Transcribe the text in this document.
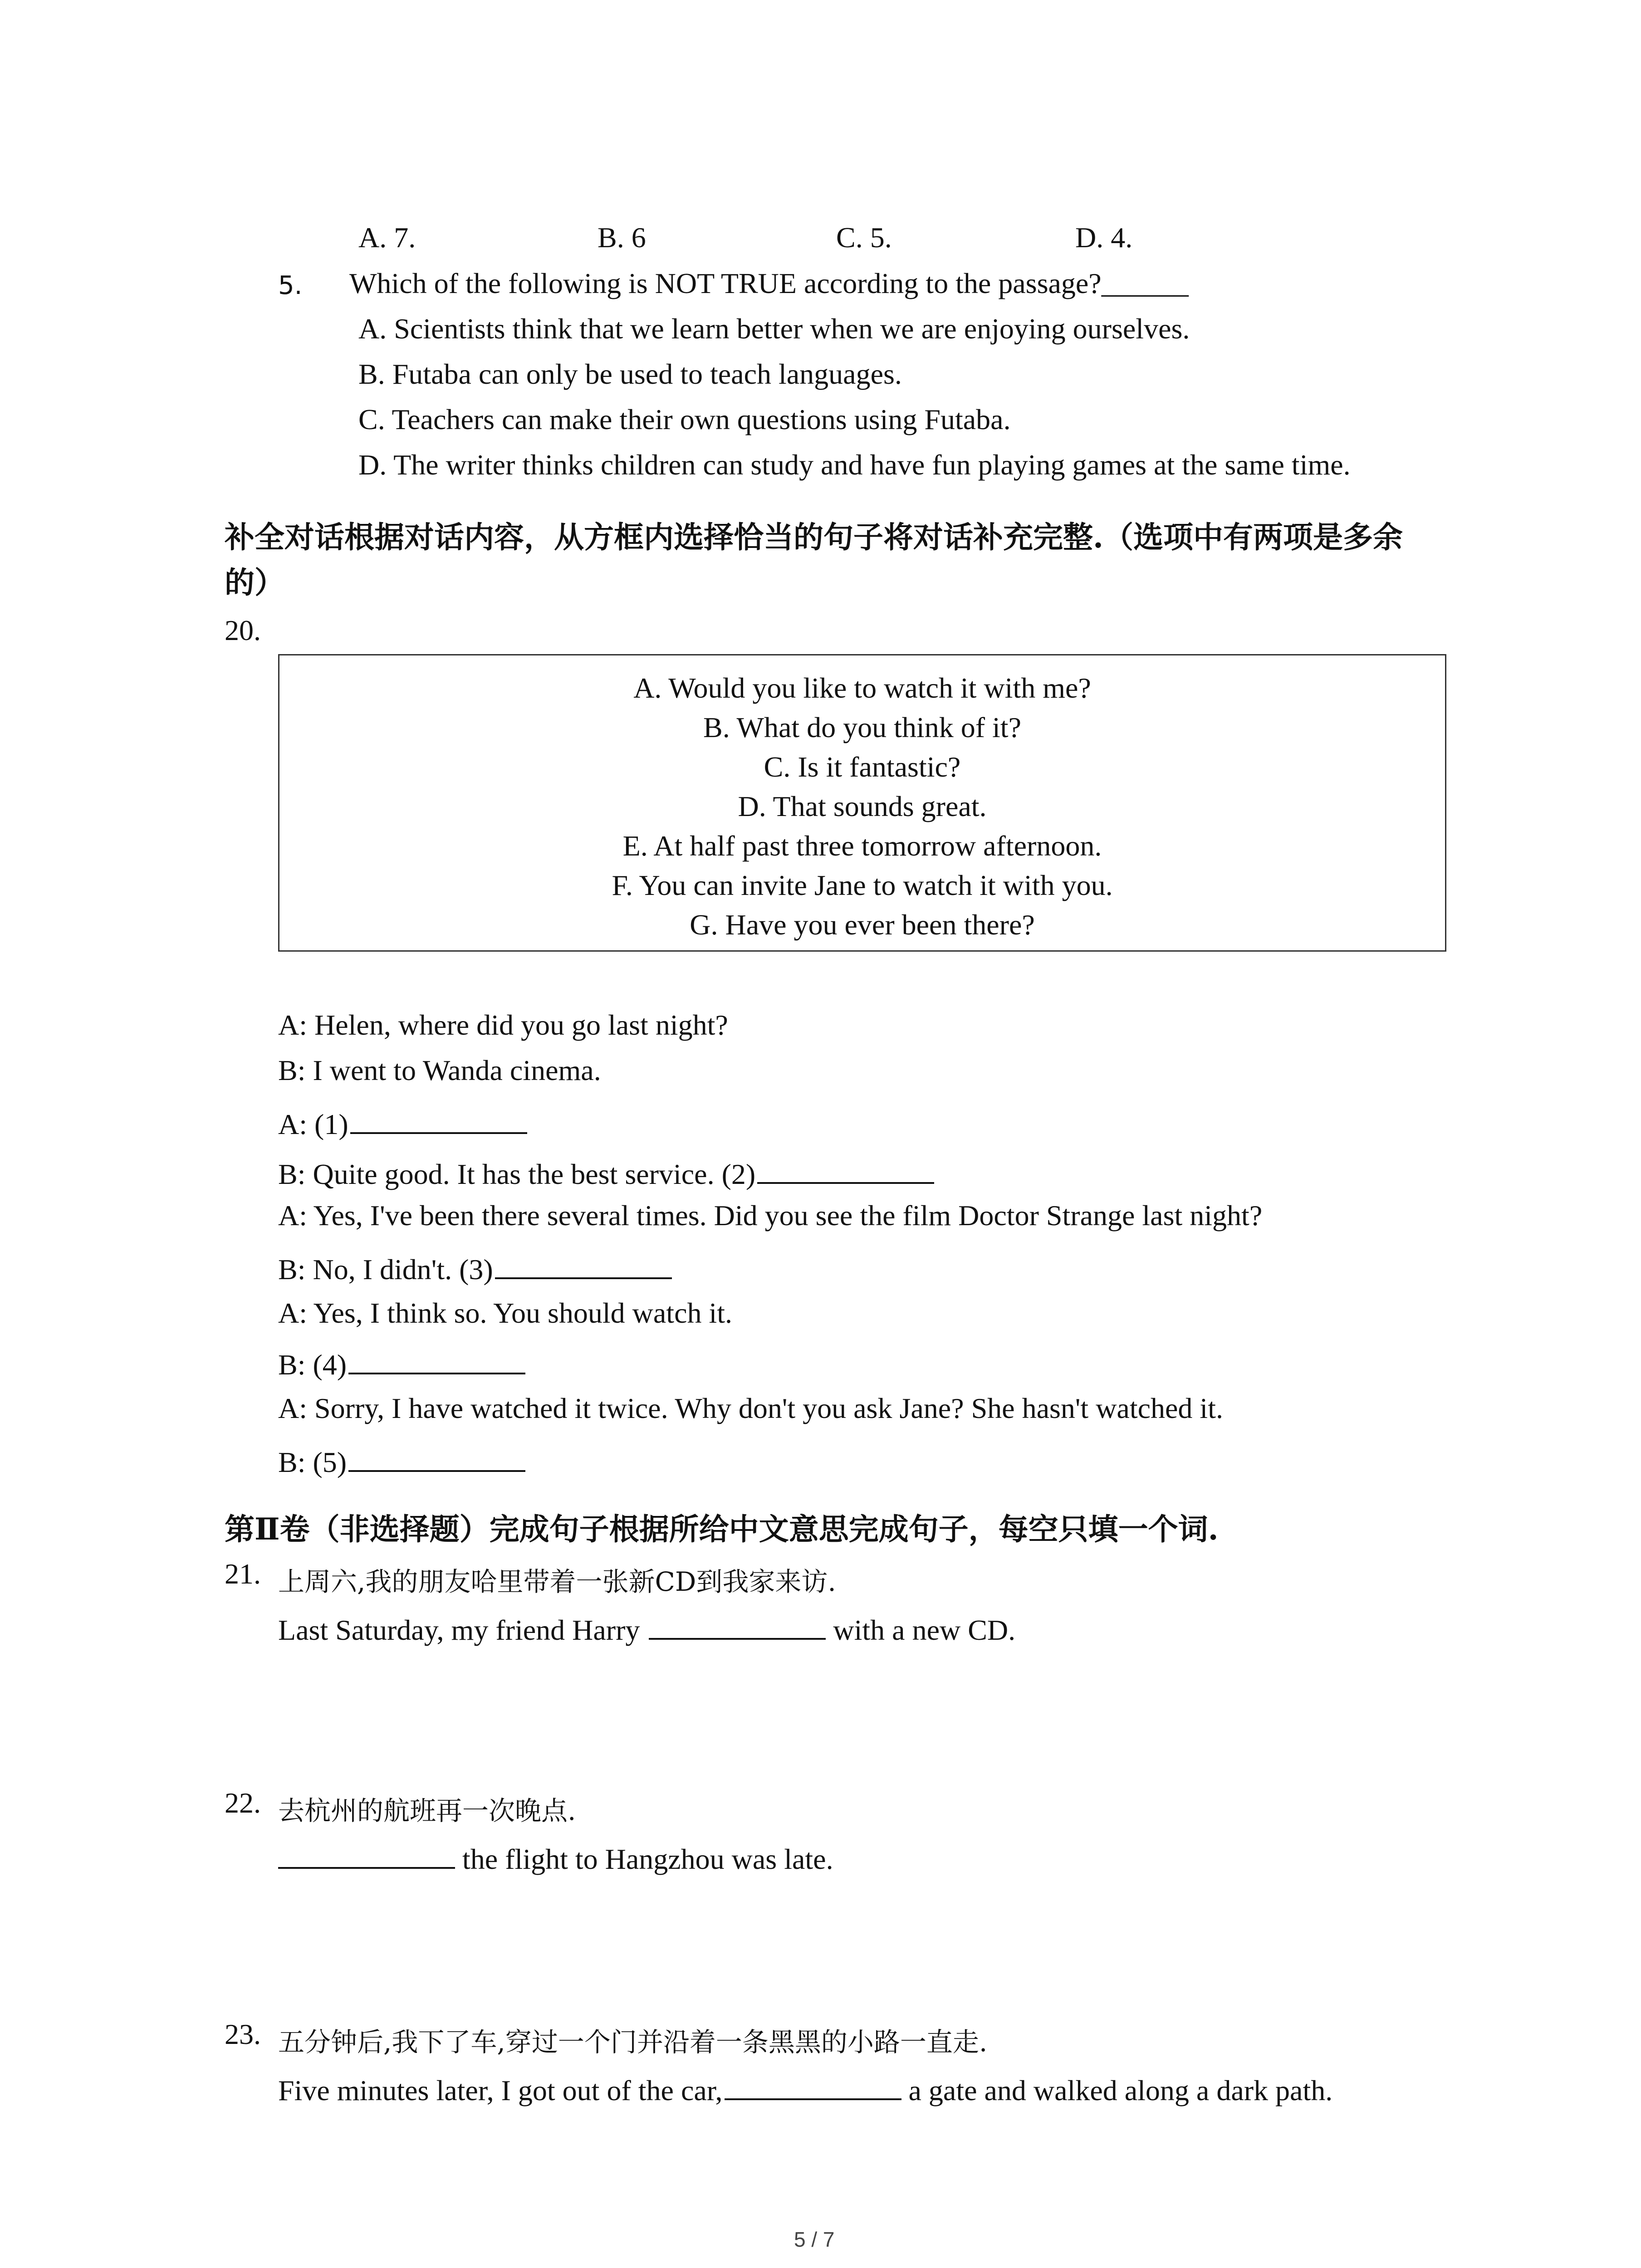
A. 7.	B. 6	C. 5.	D. 4.
5. Which of the following is NOT TRUE according to the passage?______
A. Scientists think that we learn better when we are enjoying ourselves.
B. Futaba can only be used to teach languages.
C. Teachers can make their own questions using Futaba.
D. The writer thinks children can study and have fun playing games at the same time.
补全对话根据对话内容，从方框内选择恰当的句子将对话补充完整.（选项中有两项是多余
的）
20.
A. Would you like to watch it with me?
B. What do you think of it?
C. Is it fantastic?
D. That sounds great.
E. At half past three tomorrow afternoon.
F. You can invite Jane to watch it with you.
G. Have you ever been there?
A: Helen, where did you go last night?
B: I went to Wanda cinema.
A: (1)
B: Quite good. It has the best service. (2)
A: Yes, I've been there several times. Did you see the film Doctor Strange last night?
B: No, I didn't. (3)
A: Yes, I think so. You should watch it.
B: (4)
A: Sorry, I have watched it twice. Why don't you ask Jane? She hasn't watched it.
B: (5)
第Ⅱ卷（非选择题）完成句子根据所给中文意思完成句子，每空只填一个词.
21. 上周六,我的朋友哈里带着一张新CD到我家来访.
Last Saturday, my friend Harry	with a new CD.
22. 去杭州的航班再一次晚点.
the flight to Hangzhou was late.
23. 五分钟后,我下了车,穿过一个门并沿着一条黑黑的小路一直走.
Five minutes later, I got out of the car,	a gate and walked along a dark path.
5 / 7
